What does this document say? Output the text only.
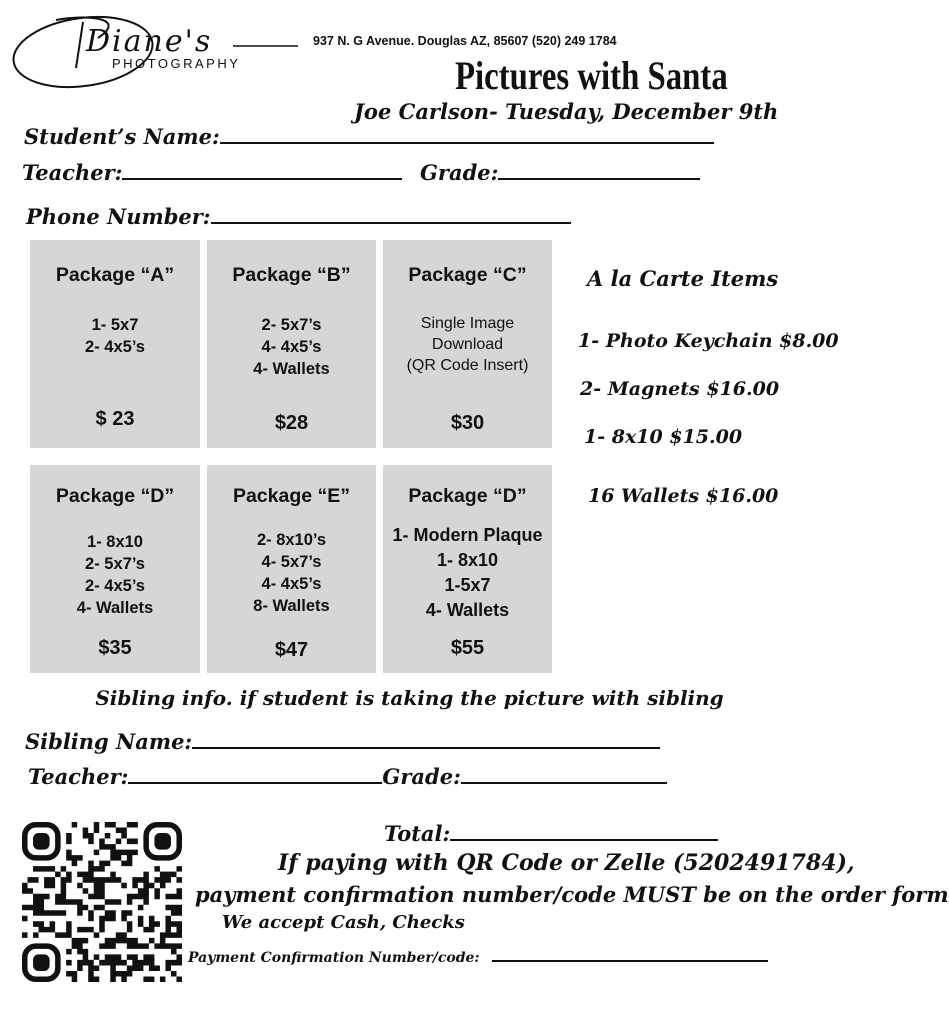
Diane's
PHOTOGRAPHY
937 N. G Avenue. Douglas AZ, 85607 (520) 249 1784
Pictures with Santa
Joe Carlson- Tuesday, December 9th
Student’s Name:
Teacher:	Grade:
Phone Number:
Package “A”
1- 5x7
2- 4x5’s
$ 23
Package “B”
2- 5x7’s
4- 4x5’s
4- Wallets
$28
Package “C”
Single Image
Download
(QR Code Insert)
$30
Package “D”
1- 8x10
2- 5x7’s
2- 4x5’s
4- Wallets
$35
Package “E”
2- 8x10’s
4- 5x7’s
4- 4x5’s
8- Wallets
$47
Package “D”
1- Modern Plaque
1- 8x10
1-5x7
4- Wallets
$55
A la Carte Items
1- Photo Keychain $8.00
2- Magnets $16.00
1- 8x10 $15.00
16 Wallets $16.00
Sibling info. if student is taking the picture with sibling
Sibling Name:
Teacher:	Grade:
Total:
If paying with QR Code or Zelle (5202491784),
payment confirmation number/code MUST be on the order form
We accept Cash, Checks
Payment Confirmation Number/code:
